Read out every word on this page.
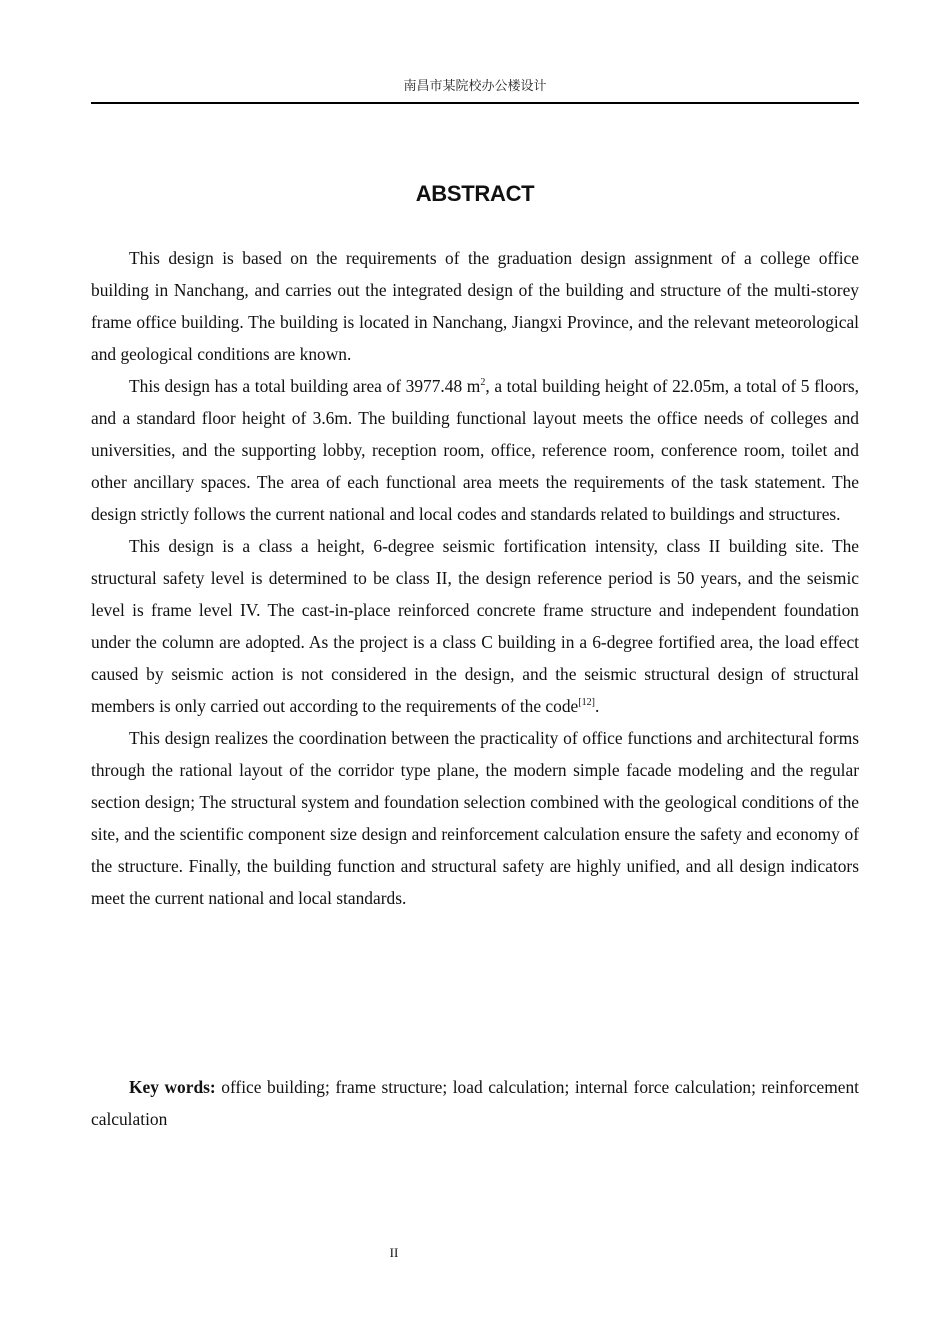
南昌市某院校办公楼设计
ABSTRACT

This design is based on the requirements of the graduation design assignment of a college office building in Nanchang, and carries out the integrated design of the building and structure of the multi-storey frame office building. The building is located in Nanchang, Jiangxi Province, and the relevant meteorological and geological conditions are known.

This design has a total building area of 3977.48 $m^2$, a total building height of 22.05m, a total of 5 floors, and a standard floor height of 3.6m. The building functional layout meets the office needs of colleges and universities, and the supporting lobby, reception room, office, reference room, conference room, toilet and other ancillary spaces. The area of each functional area meets the requirements of the task statement. The design strictly follows the current national and local codes and standards related to buildings and structures.

This design is a class a height, 6-degree seismic fortification intensity, class II building site. The structural safety level is determined to be class II, the design reference period is 50 years, and the seismic level is frame level IV. The cast-in-place reinforced concrete frame structure and independent foundation under the column are adopted. As the project is a class C building in a 6-degree fortified area, the load effect caused by seismic action is not considered in the design, and the seismic structural design of structural members is only carried out according to the requirements of the code[12].

This design realizes the coordination between the practicality of office functions and architectural forms through the rational layout of the corridor type plane, the modern simple facade modeling and the regular section design; The structural system and foundation selection combined with the geological conditions of the site, and the scientific component size design and reinforcement calculation ensure the safety and economy of the structure. Finally, the building function and structural safety are highly unified, and all design indicators meet the current national and local standards.

Key words: office building; frame structure; load calculation; internal force calculation; reinforcement calculation
II
